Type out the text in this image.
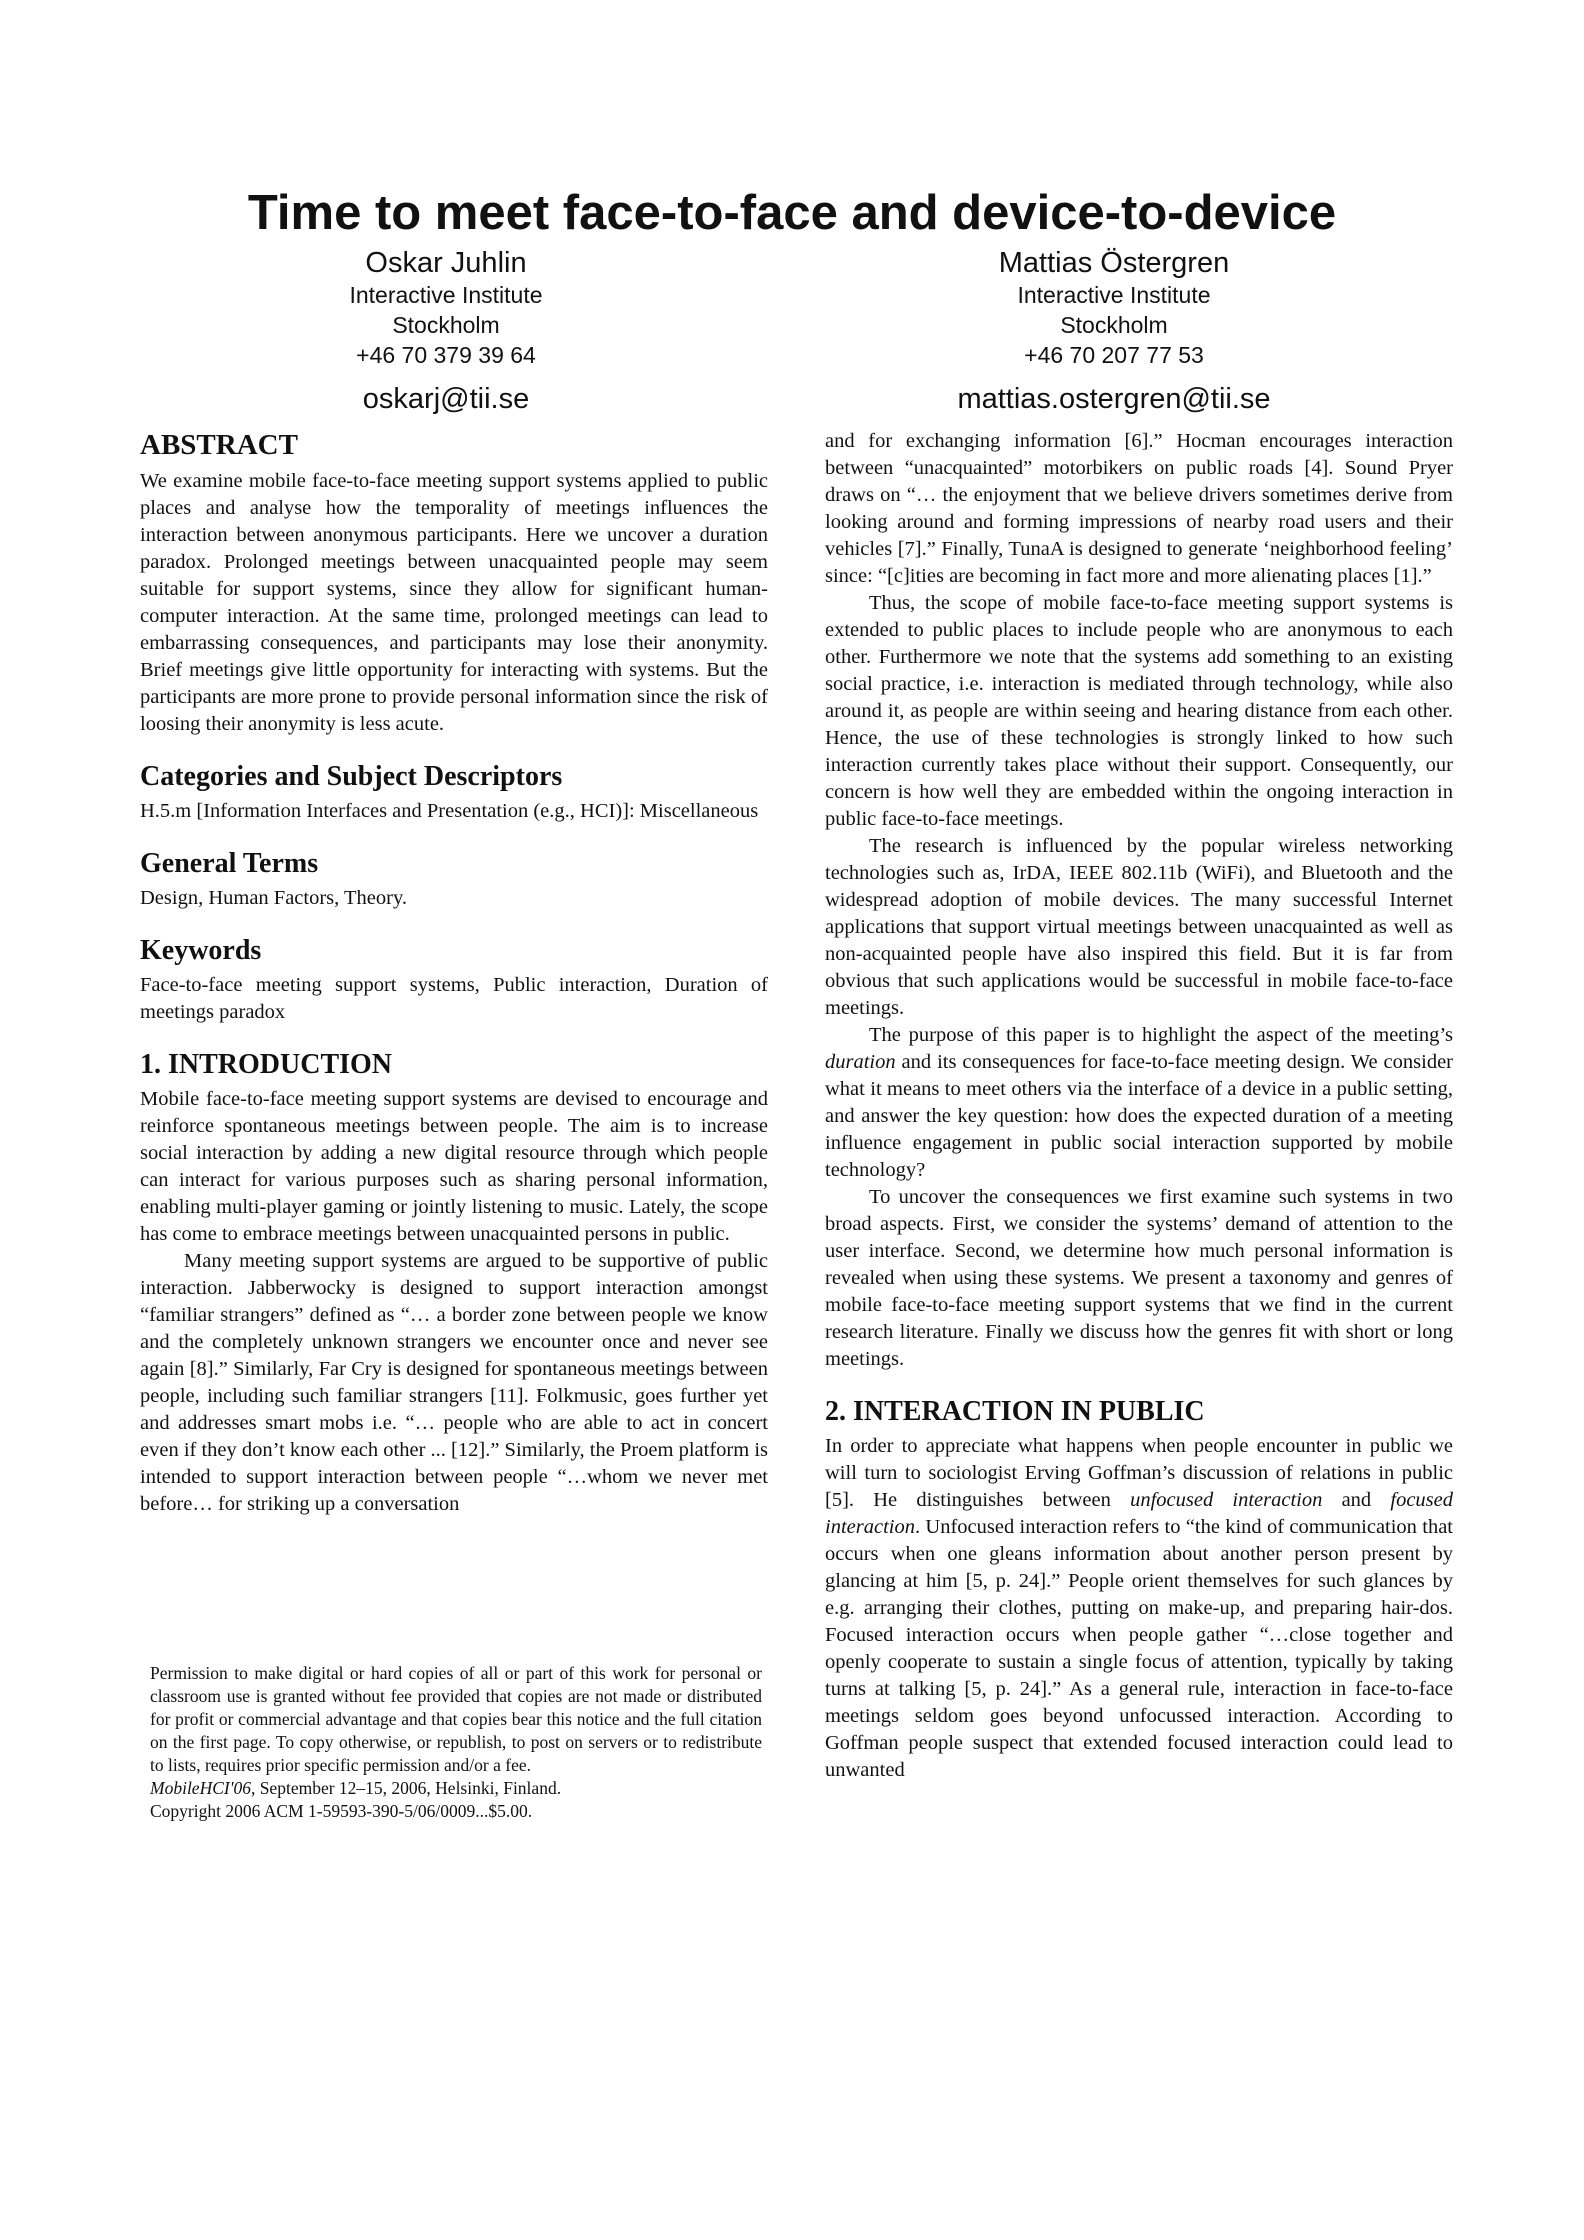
Time to meet face-to-face and device-to-device
Oskar Juhlin
Interactive Institute
Stockholm
+46 70 379 39 64
oskarj@tii.se
Mattias Östergren
Interactive Institute
Stockholm
+46 70 207 77 53
mattias.ostergren@tii.se
ABSTRACT

We examine mobile face-to-face meeting support systems applied to public places and analyse how the temporality of meetings influences the interaction between anonymous participants. Here we uncover a duration paradox. Prolonged meetings between unacquainted people may seem suitable for support systems, since they allow for significant human-computer interaction. At the same time, prolonged meetings can lead to embarrassing consequences, and participants may lose their anonymity. Brief meetings give little opportunity for interacting with systems. But the participants are more prone to provide personal information since the risk of loosing their anonymity is less acute.

Categories and Subject Descriptors

H.5.m [Information Interfaces and Presentation (e.g., HCI)]: Miscellaneous

General Terms

Design, Human Factors, Theory.

Keywords

Face-to-face meeting support systems, Public interaction, Duration of meetings paradox

1. INTRODUCTION

Mobile face-to-face meeting support systems are devised to encourage and reinforce spontaneous meetings between people. The aim is to increase social interaction by adding a new digital resource through which people can interact for various purposes such as sharing personal information, enabling multi-player gaming or jointly listening to music. Lately, the scope has come to embrace meetings between unacquainted persons in public.

Many meeting support systems are argued to be supportive of public interaction. Jabberwocky is designed to support interaction amongst “familiar strangers” defined as “… a border zone between people we know and the completely unknown strangers we encounter once and never see again [8].” Similarly, Far Cry is designed for spontaneous meetings between people, including such familiar strangers [11]. Folkmusic, goes further yet and addresses smart mobs i.e. “… people who are able to act in concert even if they don’t know each other ... [12].” Similarly, the Proem platform is intended to support interaction between people “…whom we never met before… for striking up a conversation

Permission to make digital or hard copies of all or part of this work for personal or classroom use is granted without fee provided that copies are not made or distributed for profit or commercial advantage and that copies bear this notice and the full citation on the first page. To copy otherwise, or republish, to post on servers or to redistribute to lists, requires prior specific permission and/or a fee.

MobileHCI'06, September 12–15, 2006, Helsinki, Finland.

Copyright 2006 ACM 1-59593-390-5/06/0009...$5.00.

and for exchanging information [6].” Hocman encourages interaction between “unacquainted” motorbikers on public roads [4]. Sound Pryer draws on “… the enjoyment that we believe drivers sometimes derive from looking around and forming impressions of nearby road users and their vehicles [7].” Finally, TunaA is designed to generate ‘neighborhood feeling’ since: “[c]ities are becoming in fact more and more alienating places [1].”

Thus, the scope of mobile face-to-face meeting support systems is extended to public places to include people who are anonymous to each other. Furthermore we note that the systems add something to an existing social practice, i.e. interaction is mediated through technology, while also around it, as people are within seeing and hearing distance from each other. Hence, the use of these technologies is strongly linked to how such interaction currently takes place without their support. Consequently, our concern is how well they are embedded within the ongoing interaction in public face-to-face meetings.

The research is influenced by the popular wireless networking technologies such as, IrDA, IEEE 802.11b (WiFi), and Bluetooth and the widespread adoption of mobile devices. The many successful Internet applications that support virtual meetings between unacquainted as well as non-acquainted people have also inspired this field. But it is far from obvious that such applications would be successful in mobile face-to-face meetings.

The purpose of this paper is to highlight the aspect of the meeting’s duration and its consequences for face-to-face meeting design. We consider what it means to meet others via the interface of a device in a public setting, and answer the key question: how does the expected duration of a meeting influence engagement in public social interaction supported by mobile technology?

To uncover the consequences we first examine such systems in two broad aspects. First, we consider the systems’ demand of attention to the user interface. Second, we determine how much personal information is revealed when using these systems. We present a taxonomy and genres of mobile face-to-face meeting support systems that we find in the current research literature. Finally we discuss how the genres fit with short or long meetings.

2. INTERACTION IN PUBLIC

In order to appreciate what happens when people encounter in public we will turn to sociologist Erving Goffman’s discussion of relations in public [5]. He distinguishes between unfocused interaction and focused interaction. Unfocused interaction refers to “the kind of communication that occurs when one gleans information about another person present by glancing at him [5, p. 24].” People orient themselves for such glances by e.g. arranging their clothes, putting on make-up, and preparing hair-dos. Focused interaction occurs when people gather “…close together and openly cooperate to sustain a single focus of attention, typically by taking turns at talking [5, p. 24].” As a general rule, interaction in face-to-face meetings seldom goes beyond unfocussed interaction. According to Goffman people suspect that extended focused interaction could lead to unwanted
